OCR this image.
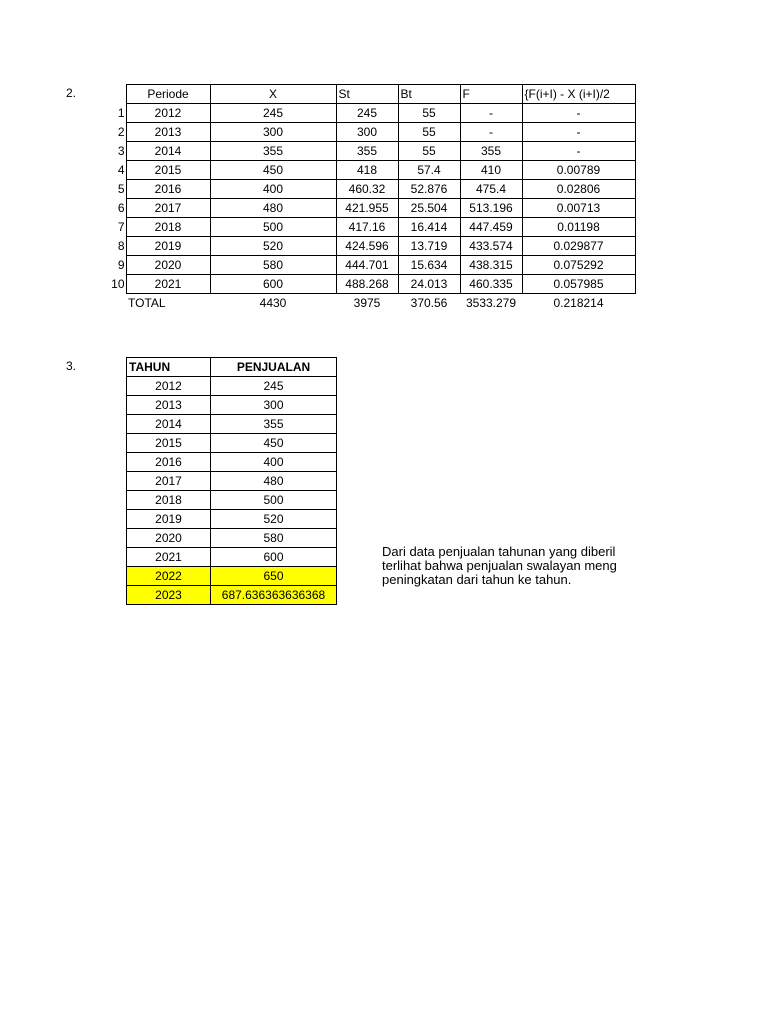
2.
		Periode	X	St	Bt	F	{F(i+I) - X (i+I)/2
1	2012	245	245	55	-	-
2	2013	300	300	55	-	-
3	2014	355	355	55	355	-
4	2015	450	418	57.4	410	0.00789
5	2016	400	460.32	52.876	475.4	0.02806
6	2017	480	421.955	25.504	513.196	0.00713
7	2018	500	417.16	16.414	447.459	0.01198
8	2019	520	424.596	13.719	433.574	0.029877
9	2020	580	444.701	15.634	438.315	0.075292
10	2021	600	488.268	24.013	460.335	0.057985
	TOTAL	4430	3975	370.56	3533.279	0.218214
3.	TAHUN	PENJUALAN
2012	245
2013	300
2014	355
2015	450
2016	400
2017	480
2018	500
2019	520
2020	580
2021	600
2022	650
2023	687.636363636368
Dari data penjualan tahunan yang diberil
terlihat bahwa penjualan swalayan meng
peningkatan dari tahun ke tahun.
